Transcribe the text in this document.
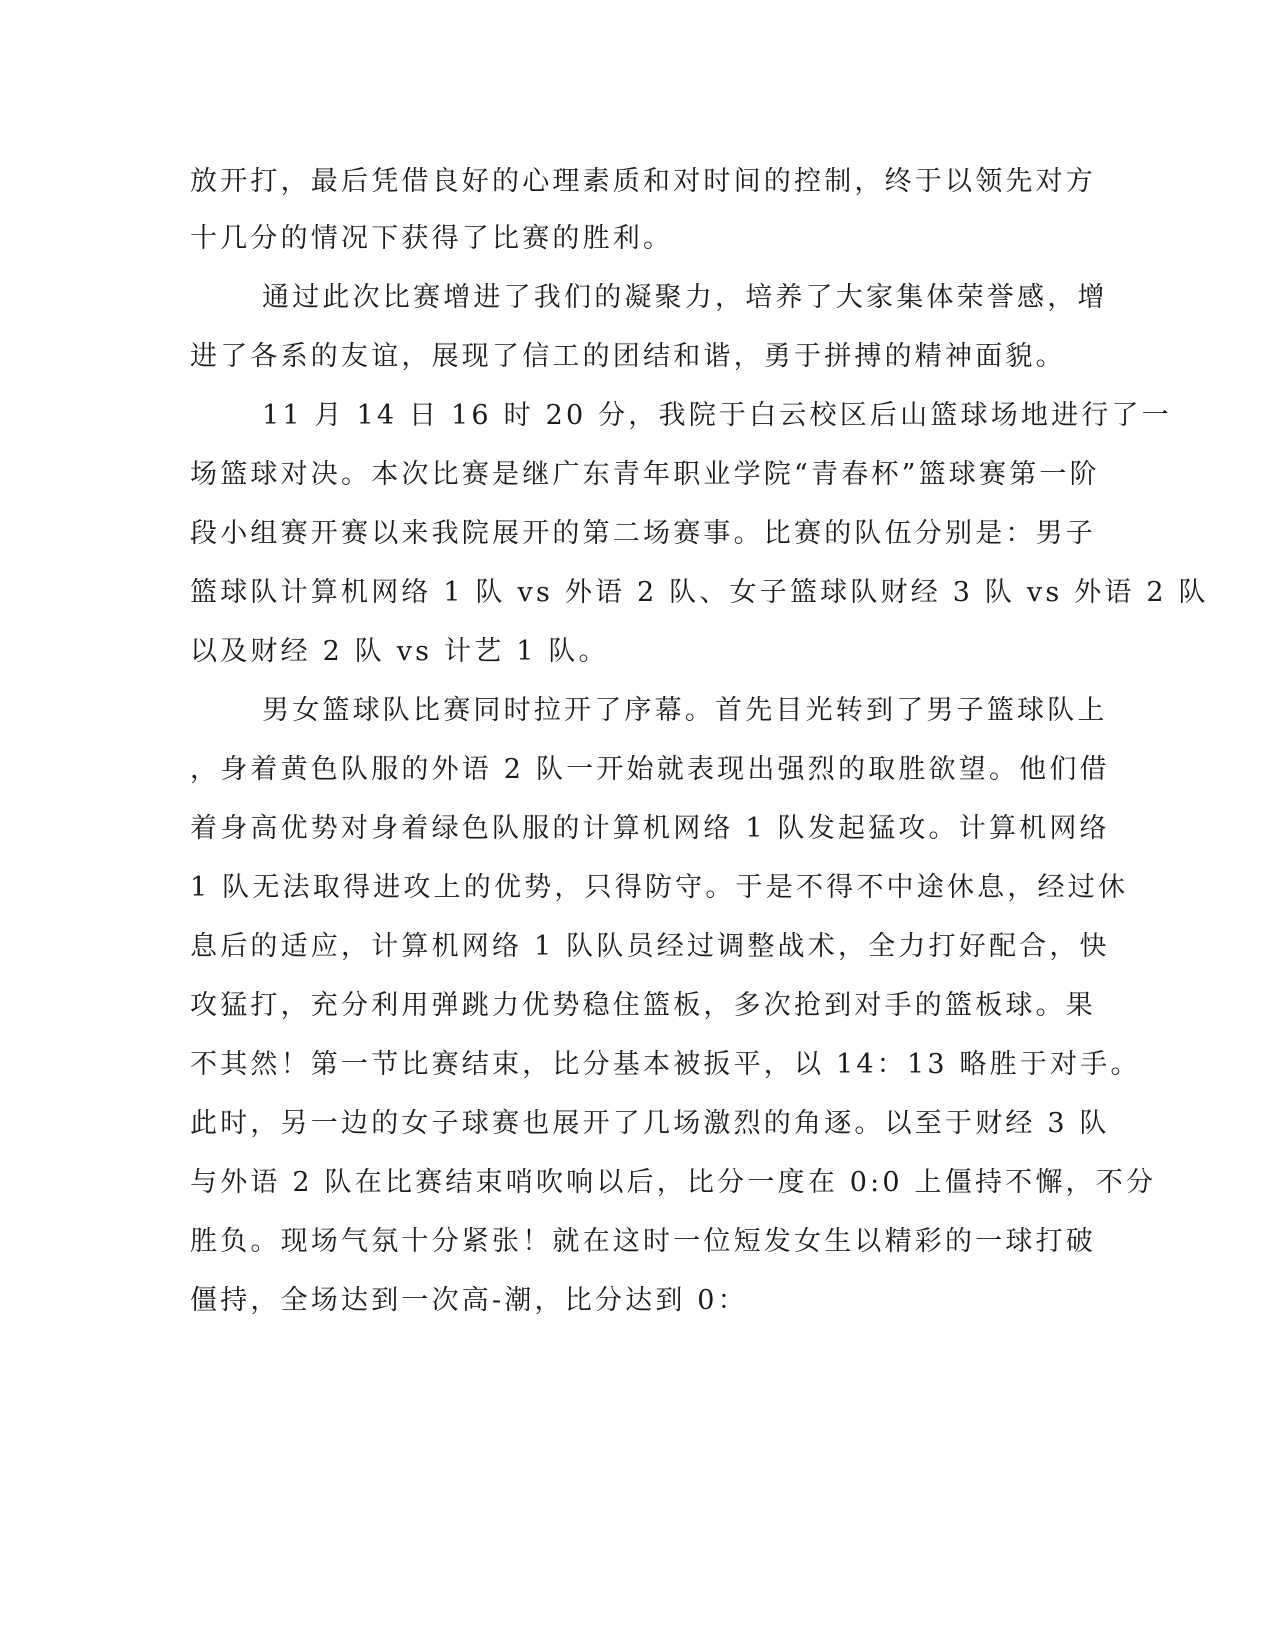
放开打，最后凭借良好的心理素质和对时间的控制，终于以领先对方
十几分的情况下获得了比赛的胜利。
通过此次比赛增进了我们的凝聚力，培养了大家集体荣誉感，增
进了各系的友谊，展现了信工的团结和谐，勇于拼搏的精神面貌。
11 月 14 日 16 时 20 分，我院于白云校区后山篮球场地进行了一
场篮球对决。本次比赛是继广东青年职业学院“青春杯”篮球赛第一阶
段小组赛开赛以来我院展开的第二场赛事。比赛的队伍分别是：男子
篮球队计算机网络 1 队 vs 外语 2 队、女子篮球队财经 3 队 vs 外语 2 队
以及财经 2 队 vs 计艺 1 队。
男女篮球队比赛同时拉开了序幕。首先目光转到了男子篮球队上
，身着黄色队服的外语 2 队一开始就表现出强烈的取胜欲望。他们借
着身高优势对身着绿色队服的计算机网络 1 队发起猛攻。计算机网络
1 队无法取得进攻上的优势，只得防守。于是不得不中途休息，经过休
息后的适应，计算机网络 1 队队员经过调整战术，全力打好配合，快
攻猛打，充分利用弹跳力优势稳住篮板，多次抢到对手的篮板球。果
不其然！第一节比赛结束，比分基本被扳平，以 14：13 略胜于对手。
此时，另一边的女子球赛也展开了几场激烈的角逐。以至于财经 3 队
与外语 2 队在比赛结束哨吹响以后，比分一度在 0:0 上僵持不懈，不分
胜负。现场气氛十分紧张！就在这时一位短发女生以精彩的一球打破
僵持，全场达到一次高-潮，比分达到 0：
